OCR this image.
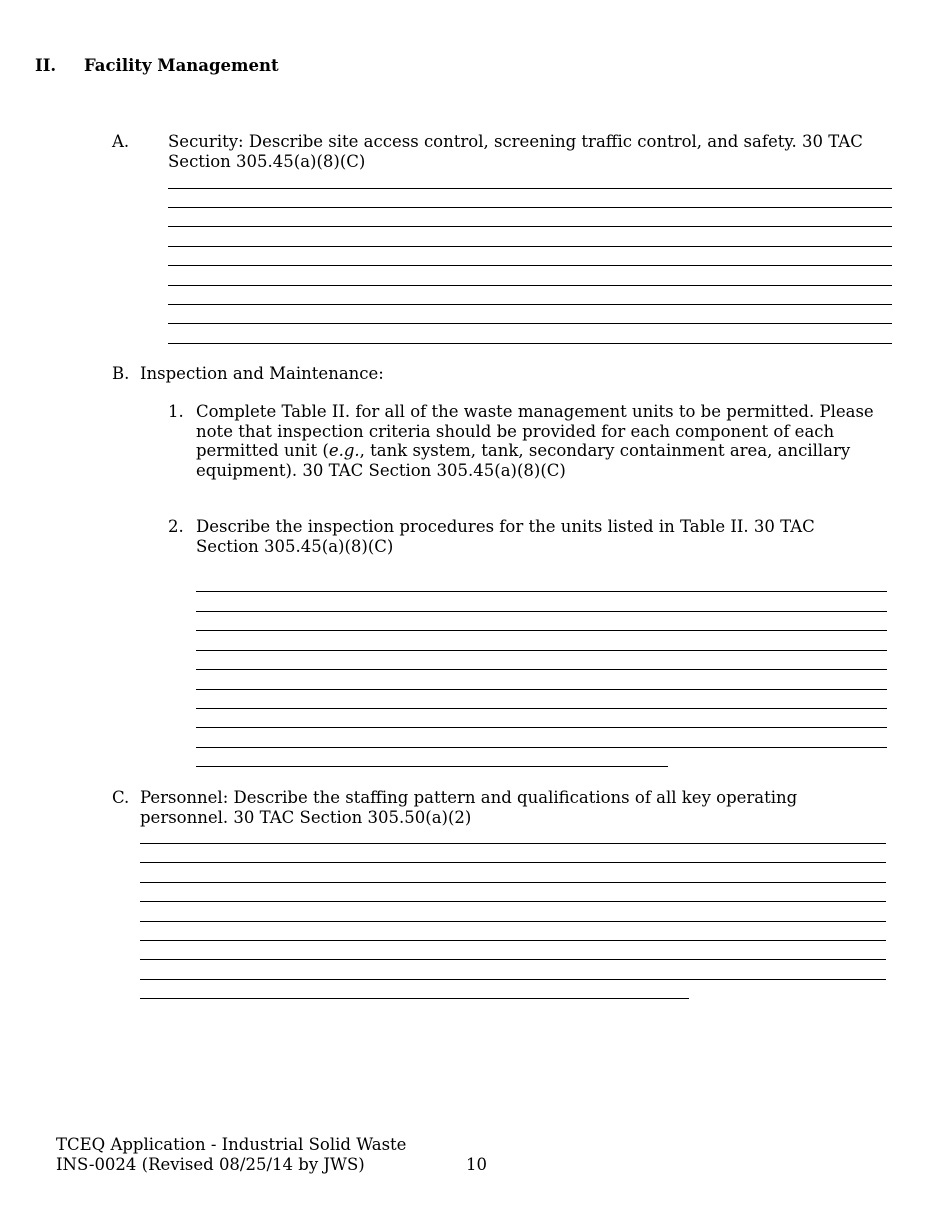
II. Facility Management
A. Security: Describe site access control, screening traffic control, and safety. 30 TAC Section 305.45(a)(8)(C)

B. Inspection and Maintenance:
1. Complete Table II. for all of the waste management units to be permitted. Please note that inspection criteria should be provided for each component of each permitted unit (e.g., tank system, tank, secondary containment area, ancillary equipment). 30 TAC Section 305.45(a)(8)(C)

2. Describe the inspection procedures for the units listed in Table II. 30 TAC Section 305.45(a)(8)(C)

C. Personnel: Describe the staffing pattern and qualifications of all key operating personnel. 30 TAC Section 305.50(a)(2)

TCEQ Application - Industrial Solid Waste
INS-0024 (Revised 08/25/14 by JWS)	10
